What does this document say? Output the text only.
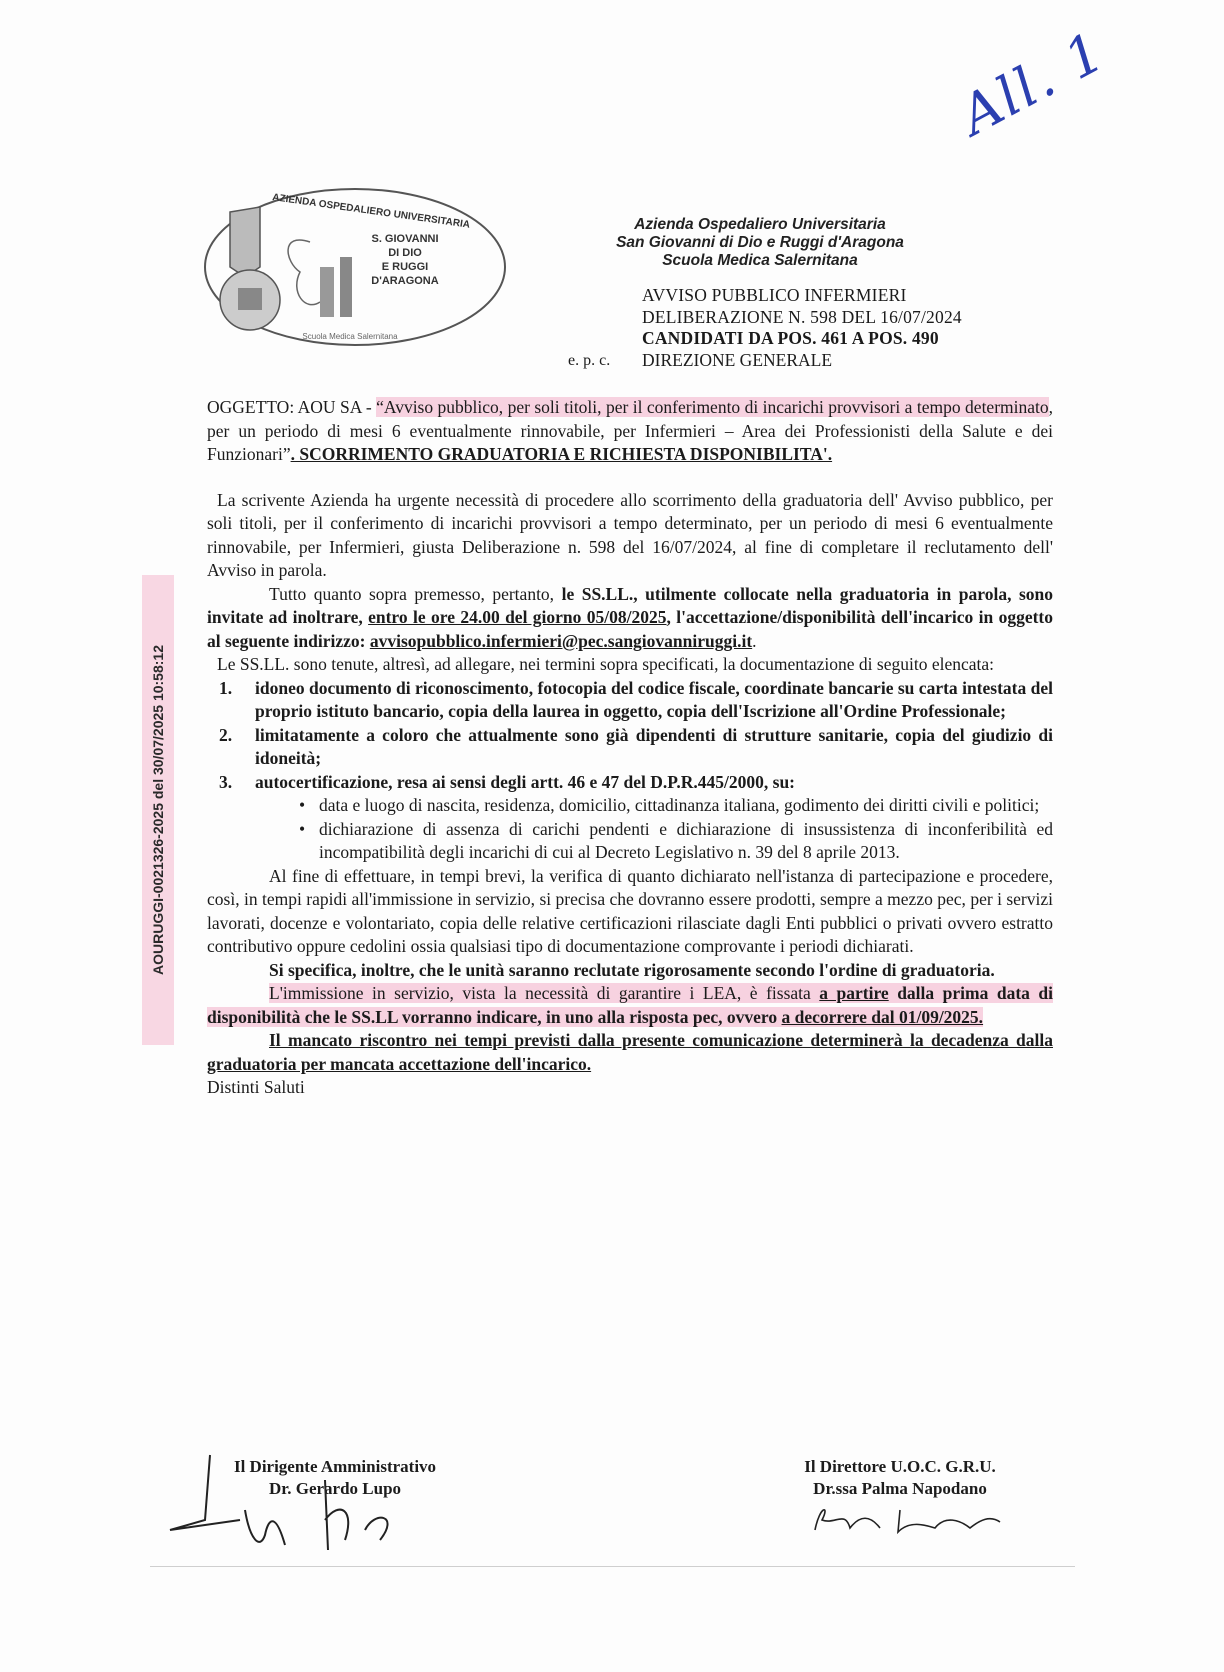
All. 1
AZIENDA OSPEDALIERO UNIVERSITARIA
S. GIOVANNI
DI DIO
E RUGGI
D'ARAGONA
Scuola Medica Salernitana
Azienda Ospedaliero Universitaria
San Giovanni di Dio e Ruggi d'Aragona
Scuola Medica Salernitana
AVVISO PUBBLICO INFERMIERI
DELIBERAZIONE N. 598 DEL 16/07/2024
CANDIDATI DA POS. 461 A POS. 490
e. p. c. DIREZIONE GENERALE
AOURUGGI-0021326-2025 del 30/07/2025 10:58:12

OGGETTO: AOU SA - “Avviso pubblico, per soli titoli, per il conferimento di incarichi provvisori a tempo determinato, per un periodo di mesi 6 eventualmente rinnovabile, per Infermieri – Area dei Professionisti della Salute e dei Funzionari”. SCORRIMENTO GRADUATORIA E RICHIESTA DISPONIBILITA'.

La scrivente Azienda ha urgente necessità di procedere allo scorrimento della graduatoria dell' Avviso pubblico, per soli titoli, per il conferimento di incarichi provvisori a tempo determinato, per un periodo di mesi 6 eventualmente rinnovabile, per Infermieri, giusta Deliberazione n. 598 del 16/07/2024, al fine di completare il reclutamento dell' Avviso in parola.

Tutto quanto sopra premesso, pertanto, le SS.LL., utilmente collocate nella graduatoria in parola, sono invitate ad inoltrare, entro le ore 24.00 del giorno 05/08/2025, l'accettazione/disponibilità dell'incarico in oggetto al seguente indirizzo: avvisopubblico.infermieri@pec.sangiovanniruggi.it.

Le SS.LL. sono tenute, altresì, ad allegare, nei termini sopra specificati, la documentazione di seguito elencata:

1. idoneo documento di riconoscimento, fotocopia del codice fiscale, coordinate bancarie su carta intestata del proprio istituto bancario, copia della laurea in oggetto, copia dell'Iscrizione all'Ordine Professionale;
2. limitatamente a coloro che attualmente sono già dipendenti di strutture sanitarie, copia del giudizio di idoneità;
3. autocertificazione, resa ai sensi degli artt. 46 e 47 del D.P.R.445/2000, su:
• data e luogo di nascita, residenza, domicilio, cittadinanza italiana, godimento dei diritti civili e politici;
• dichiarazione di assenza di carichi pendenti e dichiarazione di insussistenza di inconferibilità ed incompatibilità degli incarichi di cui al Decreto Legislativo n. 39 del 8 aprile 2013.

Al fine di effettuare, in tempi brevi, la verifica di quanto dichiarato nell'istanza di partecipazione e procedere, così, in tempi rapidi all'immissione in servizio, si precisa che dovranno essere prodotti, sempre a mezzo pec, per i servizi lavorati, docenze e volontariato, copia delle relative certificazioni rilasciate dagli Enti pubblici o privati ovvero estratto contributivo oppure cedolini ossia qualsiasi tipo di documentazione comprovante i periodi dichiarati.

Si specifica, inoltre, che le unità saranno reclutate rigorosamente secondo l'ordine di graduatoria.

L'immissione in servizio, vista la necessità di garantire i LEA, è fissata a partire dalla prima data di disponibilità che le SS.LL vorranno indicare, in uno alla risposta pec, ovvero a decorrere dal 01/09/2025.

Il mancato riscontro nei tempi previsti dalla presente comunicazione determinerà la decadenza dalla graduatoria per mancata accettazione dell'incarico.

Distinti Saluti

Il Dirigente Amministrativo
Dr. Gerardo Lupo
Il Direttore U.O.C. G.R.U.
Dr.ssa Palma Napodano
